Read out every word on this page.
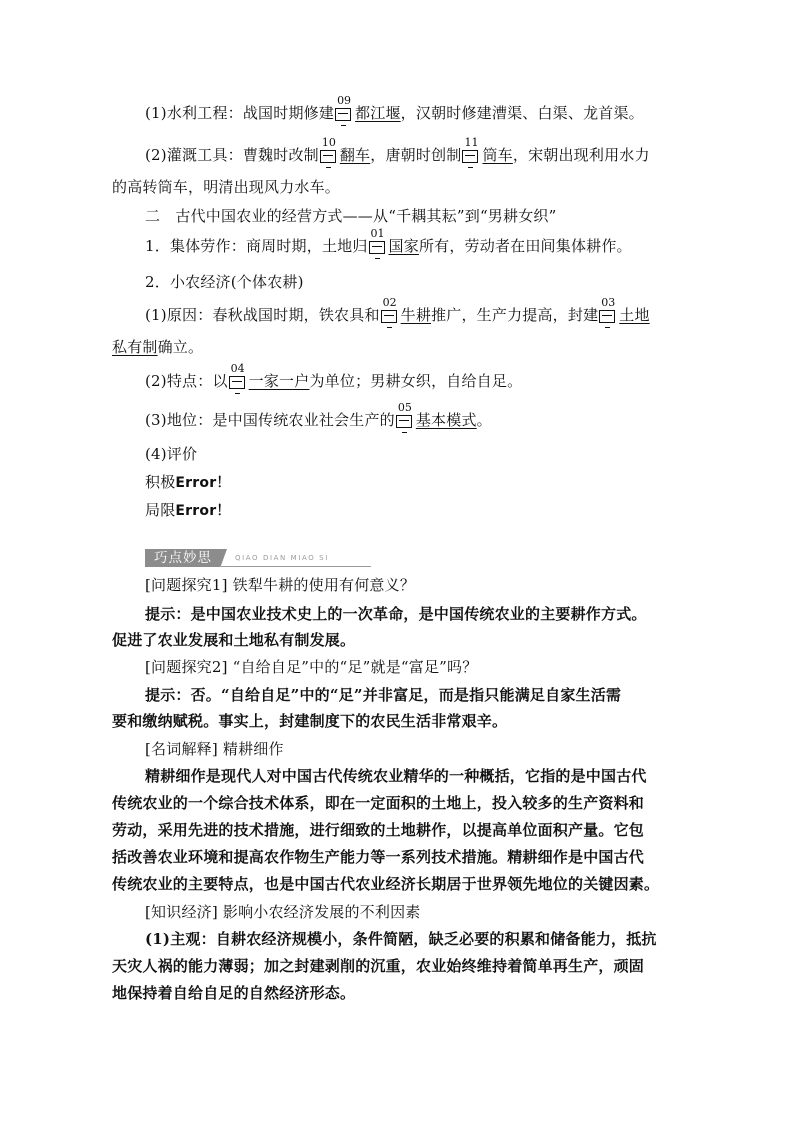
(1)水利工程：战国时期修建
09
都江堰，汉朝时修建漕渠、白渠、龙首渠。
(2)灌溉工具：曹魏时改制
10
翻车，唐朝时创制
11
筒车，宋朝出现利用水力
的高转筒车，明清出现风力水车。
二　古代中国农业的经营方式——从“千耦其耘”到“男耕女织”
1．集体劳作：商周时期，土地归
01
国家所有，劳动者在田间集体耕作。
2．小农经济(个体农耕)
(1)原因：春秋战国时期，铁农具和
02
牛耕推广，生产力提高，封建
03
土地
私有制确立。
(2)特点：以
04
一家一户为单位；男耕女织，自给自足。
(3)地位：是中国传统农业社会生产的
05
基本模式。
(4)评价
积极Error！
局限Error！
巧点妙思	QIAO DIAN MIAO SI
[问题探究1] 铁犁牛耕的使用有何意义？
提示：是中国农业技术史上的一次革命，是中国传统农业的主要耕作方式。
促进了农业发展和土地私有制发展。
[问题探究2] “自给自足”中的“足”就是“富足”吗？
提示：否。“自给自足”中的“足”并非富足，而是指只能满足自家生活需
要和缴纳赋税。事实上，封建制度下的农民生活非常艰辛。
[名词解释] 精耕细作
精耕细作是现代人对中国古代传统农业精华的一种概括，它指的是中国古代
传统农业的一个综合技术体系，即在一定面积的土地上，投入较多的生产资料和
劳动，采用先进的技术措施，进行细致的土地耕作，以提高单位面积产量。它包
括改善农业环境和提高农作物生产能力等一系列技术措施。精耕细作是中国古代
传统农业的主要特点，也是中国古代农业经济长期居于世界领先地位的关键因素。
[知识经济] 影响小农经济发展的不利因素
(1)主观：自耕农经济规模小，条件简陋，缺乏必要的积累和储备能力，抵抗
天灾人祸的能力薄弱；加之封建剥削的沉重，农业始终维持着简单再生产，顽固
地保持着自给自足的自然经济形态。
